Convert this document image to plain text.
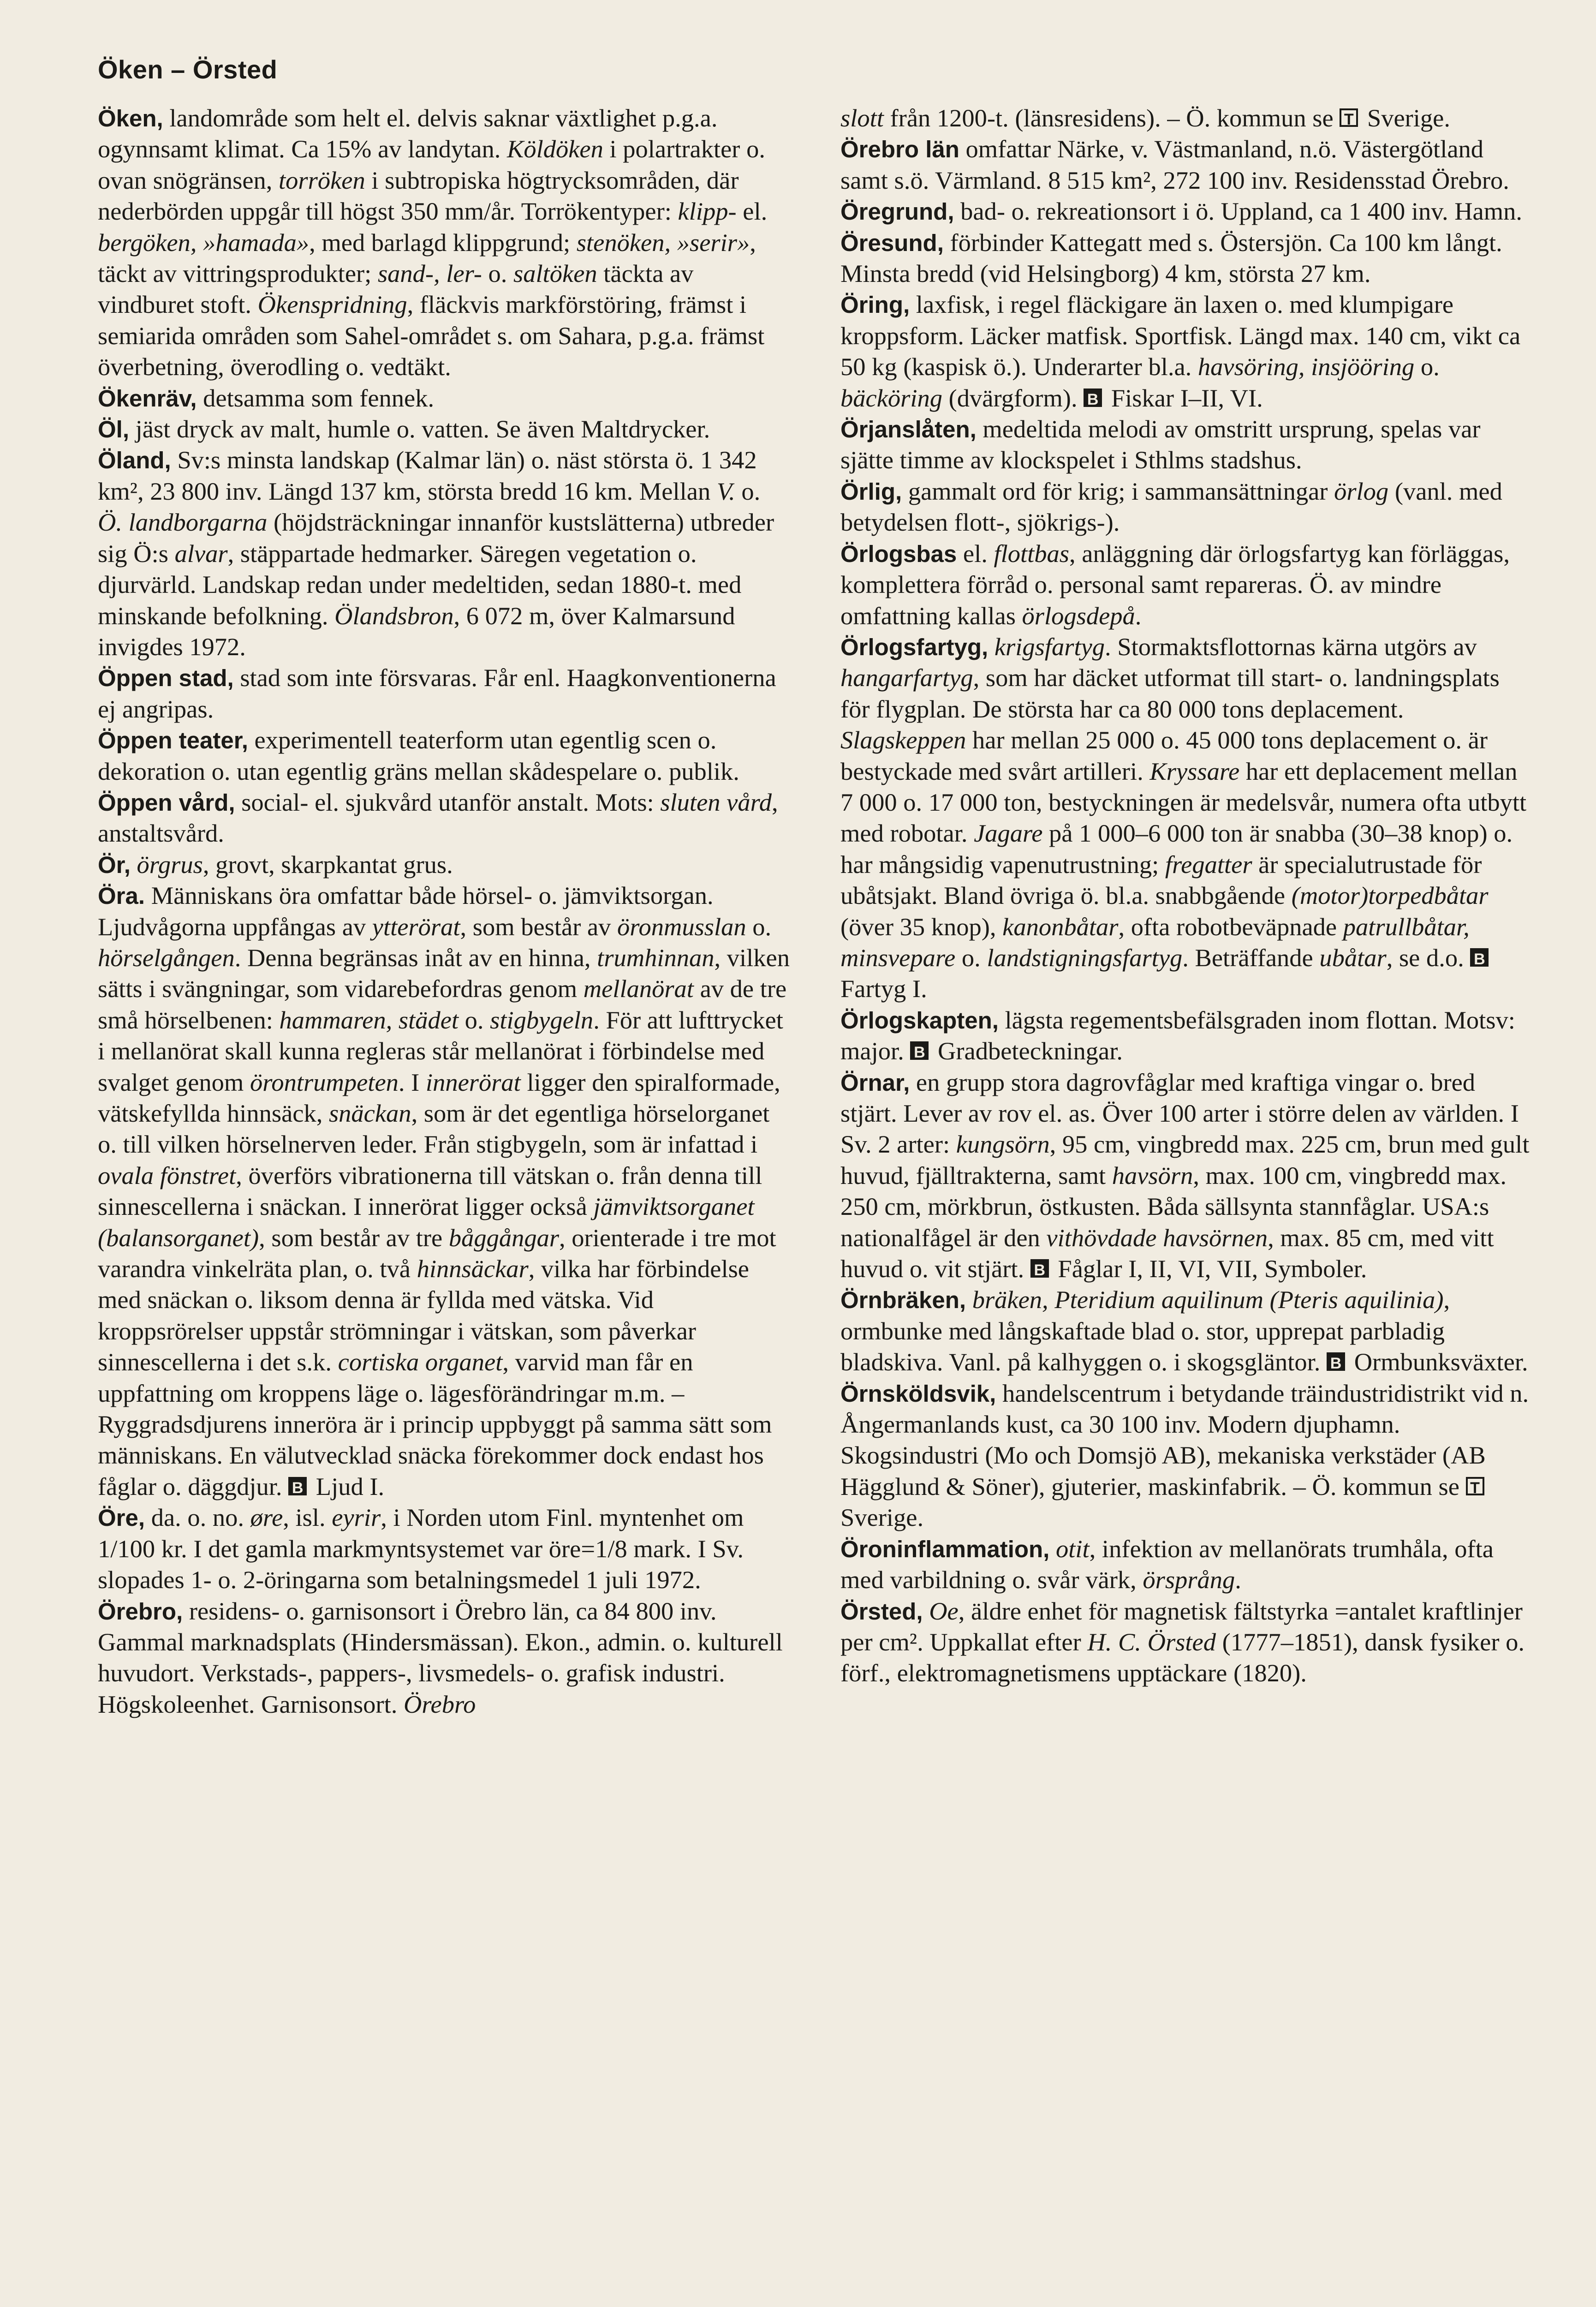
Öken – Örsted

Öken, landområde som helt el. delvis saknar växtlighet p.g.a. ogynnsamt klimat. Ca 15% av landytan. Köldöken i polartrakter o. ovan snögränsen, torröken i subtropiska högtrycksområden, där nederbörden uppgår till högst 350 mm/år. Torrökentyper: klipp- el. bergöken, »hamada», med barlagd klippgrund; stenöken, »serir», täckt av vittringsprodukter; sand-, ler- o. saltöken täckta av vindburet stoft. Ökenspridning, fläckvis markförstöring, främst i semiarida områden som Sahel-området s. om Sahara, p.g.a. främst överbetning, överodling o. vedtäkt.

Ökenräv, detsamma som fennek.

Öl, jäst dryck av malt, humle o. vatten. Se även Maltdrycker.

Öland, Sv:s minsta landskap (Kalmar län) o. näst största ö. 1 342 km², 23 800 inv. Längd 137 km, största bredd 16 km. Mellan V. o. Ö. landborgarna (höjdsträckningar innanför kustslätterna) utbreder sig Ö:s alvar, stäppartade hedmarker. Säregen vegetation o. djurvärld. Landskap redan under medeltiden, sedan 1880-t. med minskande befolkning. Ölandsbron, 6 072 m, över Kalmarsund invigdes 1972.

Öppen stad, stad som inte försvaras. Får enl. Haagkonventionerna ej angripas.

Öppen teater, experimentell teaterform utan egentlig scen o. dekoration o. utan egentlig gräns mellan skådespelare o. publik.

Öppen vård, social- el. sjukvård utanför anstalt. Mots: sluten vård, anstaltsvård.

Ör, örgrus, grovt, skarpkantat grus.

Öra. Människans öra omfattar både hörsel- o. jämviktsorgan. Ljudvågorna uppfångas av ytterörat, som består av öronmusslan o. hörselgången. Denna begränsas inåt av en hinna, trumhinnan, vilken sätts i svängningar, som vidarebefordras genom mellanörat av de tre små hörselbenen: hammaren, städet o. stigbygeln. För att lufttrycket i mellanörat skall kunna regleras står mellanörat i förbindelse med svalget genom örontrumpeten. I innerörat ligger den spiralformade, vätskefyllda hinnsäck, snäckan, som är det egentliga hörselorganet o. till vilken hörselnerven leder. Från stigbygeln, som är infattad i ovala fönstret, överförs vibrationerna till vätskan o. från denna till sinnescellerna i snäckan. I innerörat ligger också jämviktsorganet (balansorganet), som består av tre båggångar, orienterade i tre mot varandra vinkelräta plan, o. två hinnsäckar, vilka har förbindelse med snäckan o. liksom denna är fyllda med vätska. Vid kroppsrörelser uppstår strömningar i vätskan, som påverkar sinnescellerna i det s.k. cortiska organet, varvid man får en uppfattning om kroppens läge o. lägesförändringar m.m. – Ryggradsdjurens inneröra är i princip uppbyggt på samma sätt som människans. En välutvecklad snäcka förekommer dock endast hos fåglar o. däggdjur. B Ljud I.

Öre, da. o. no. øre, isl. eyrir, i Norden utom Finl. myntenhet om 1/100 kr. I det gamla markmyntsystemet var öre=1/8 mark. I Sv. slopades 1- o. 2-öringarna som betalningsmedel 1 juli 1972.

Örebro, residens- o. garnisonsort i Örebro län, ca 84 800 inv. Gammal marknadsplats (Hindersmässan). Ekon., admin. o. kulturell huvudort. Verkstads-, pappers-, livsmedels- o. grafisk industri. Högskoleenhet. Garnisonsort. Örebro

slott från 1200-t. (länsresidens). – Ö. kommun se T Sverige.

Örebro län omfattar Närke, v. Västmanland, n.ö. Västergötland samt s.ö. Värmland. 8 515 km², 272 100 inv. Residensstad Örebro.

Öregrund, bad- o. rekreationsort i ö. Uppland, ca 1 400 inv. Hamn.

Öresund, förbinder Kattegatt med s. Östersjön. Ca 100 km långt. Minsta bredd (vid Helsingborg) 4 km, största 27 km.

Öring, laxfisk, i regel fläckigare än laxen o. med klumpigare kroppsform. Läcker matfisk. Sportfisk. Längd max. 140 cm, vikt ca 50 kg (kaspisk ö.). Underarter bl.a. havsöring, insjööring o. bäcköring (dvärgform). B Fiskar I–II, VI.

Örjanslåten, medeltida melodi av omstritt ursprung, spelas var sjätte timme av klockspelet i Sthlms stadshus.

Örlig, gammalt ord för krig; i sammansättningar örlog (vanl. med betydelsen flott-, sjökrigs-).

Örlogsbas el. flottbas, anläggning där örlogsfartyg kan förläggas, komplettera förråd o. personal samt repareras. Ö. av mindre omfattning kallas örlogsdepå.

Örlogsfartyg, krigsfartyg. Stormaktsflottornas kärna utgörs av hangarfartyg, som har däcket utformat till start- o. landningsplats för flygplan. De största har ca 80 000 tons deplacement. Slagskeppen har mellan 25 000 o. 45 000 tons deplacement o. är bestyckade med svårt artilleri. Kryssare har ett deplacement mellan 7 000 o. 17 000 ton, bestyckningen är medelsvår, numera ofta utbytt med robotar. Jagare på 1 000–6 000 ton är snabba (30–38 knop) o. har mångsidig vapenutrustning; fregatter är specialutrustade för ubåtsjakt. Bland övriga ö. bl.a. snabbgående (motor)torpedbåtar (över 35 knop), kanonbåtar, ofta robotbeväpnade patrullbåtar, minsvepare o. landstigningsfartyg. Beträffande ubåtar, se d.o. B Fartyg I.

Örlogskapten, lägsta regementsbefälsgraden inom flottan. Motsv: major. B Gradbeteckningar.

Örnar, en grupp stora dagrovfåglar med kraftiga vingar o. bred stjärt. Lever av rov el. as. Över 100 arter i större delen av världen. I Sv. 2 arter: kungsörn, 95 cm, vingbredd max. 225 cm, brun med gult huvud, fjälltrakterna, samt havsörn, max. 100 cm, vingbredd max. 250 cm, mörkbrun, östkusten. Båda sällsynta stannfåglar. USA:s nationalfågel är den vithövdade havsörnen, max. 85 cm, med vitt huvud o. vit stjärt. B Fåglar I, II, VI, VII, Symboler.

Örnbräken, bräken, Pteridium aquilinum (Pteris aquilinia), ormbunke med långskaftade blad o. stor, upprepat parbladig bladskiva. Vanl. på kalhyggen o. i skogsgläntor. B Ormbunksväxter.

Örnsköldsvik, handelscentrum i betydande träindustridistrikt vid n. Ångermanlands kust, ca 30 100 inv. Modern djuphamn. Skogsindustri (Mo och Domsjö AB), mekaniska verkstäder (AB Hägglund & Söner), gjuterier, maskinfabrik. – Ö. kommun se T Sverige.

Öroninflammation, otit, infektion av mellanörats trumhåla, ofta med varbildning o. svår värk, örsprång.

Örsted, Oe, äldre enhet för magnetisk fältstyrka =antalet kraftlinjer per cm². Uppkallat efter H. C. Örsted (1777–1851), dansk fysiker o. förf., elektromagnetismens upptäckare (1820).
